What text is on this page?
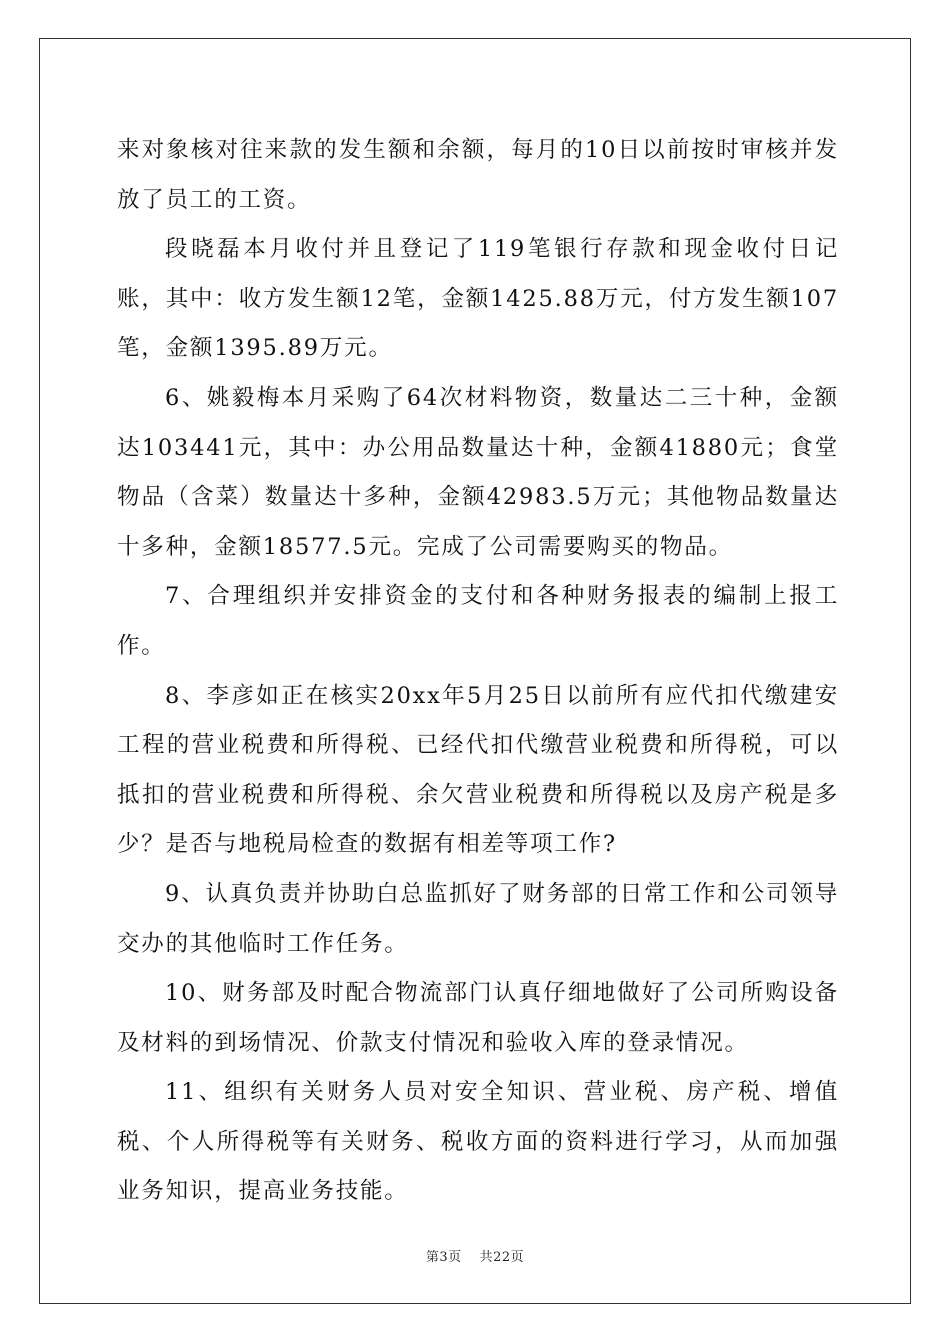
来对象核对往来款的发生额和余额，每月的10日以前按时审核并发放了员工的工资。

段晓磊本月收付并且登记了119笔银行存款和现金收付日记账，其中：收方发生额12笔，金额1425.88万元，付方发生额107笔，金额1395.89万元。

6、姚毅梅本月采购了64次材料物资，数量达二三十种，金额达103441元，其中：办公用品数量达十种，金额41880元；食堂物品（含菜）数量达十多种，金额42983.5万元；其他物品数量达十多种，金额18577.5元。完成了公司需要购买的物品。

7、合理组织并安排资金的支付和各种财务报表的编制上报工作。

8、李彦如正在核实20xx年5月25日以前所有应代扣代缴建安工程的营业税费和所得税、已经代扣代缴营业税费和所得税，可以抵扣的营业税费和所得税、余欠营业税费和所得税以及房产税是多少？是否与地税局检查的数据有相差等项工作?

9、认真负责并协助白总监抓好了财务部的日常工作和公司领导交办的其他临时工作任务。

10、财务部及时配合物流部门认真仔细地做好了公司所购设备及材料的到场情况、价款支付情况和验收入库的登录情况。

11、组织有关财务人员对安全知识、营业税、房产税、增值税、个人所得税等有关财务、税收方面的资料进行学习，从而加强业务知识，提高业务技能。

第3页 共22页
